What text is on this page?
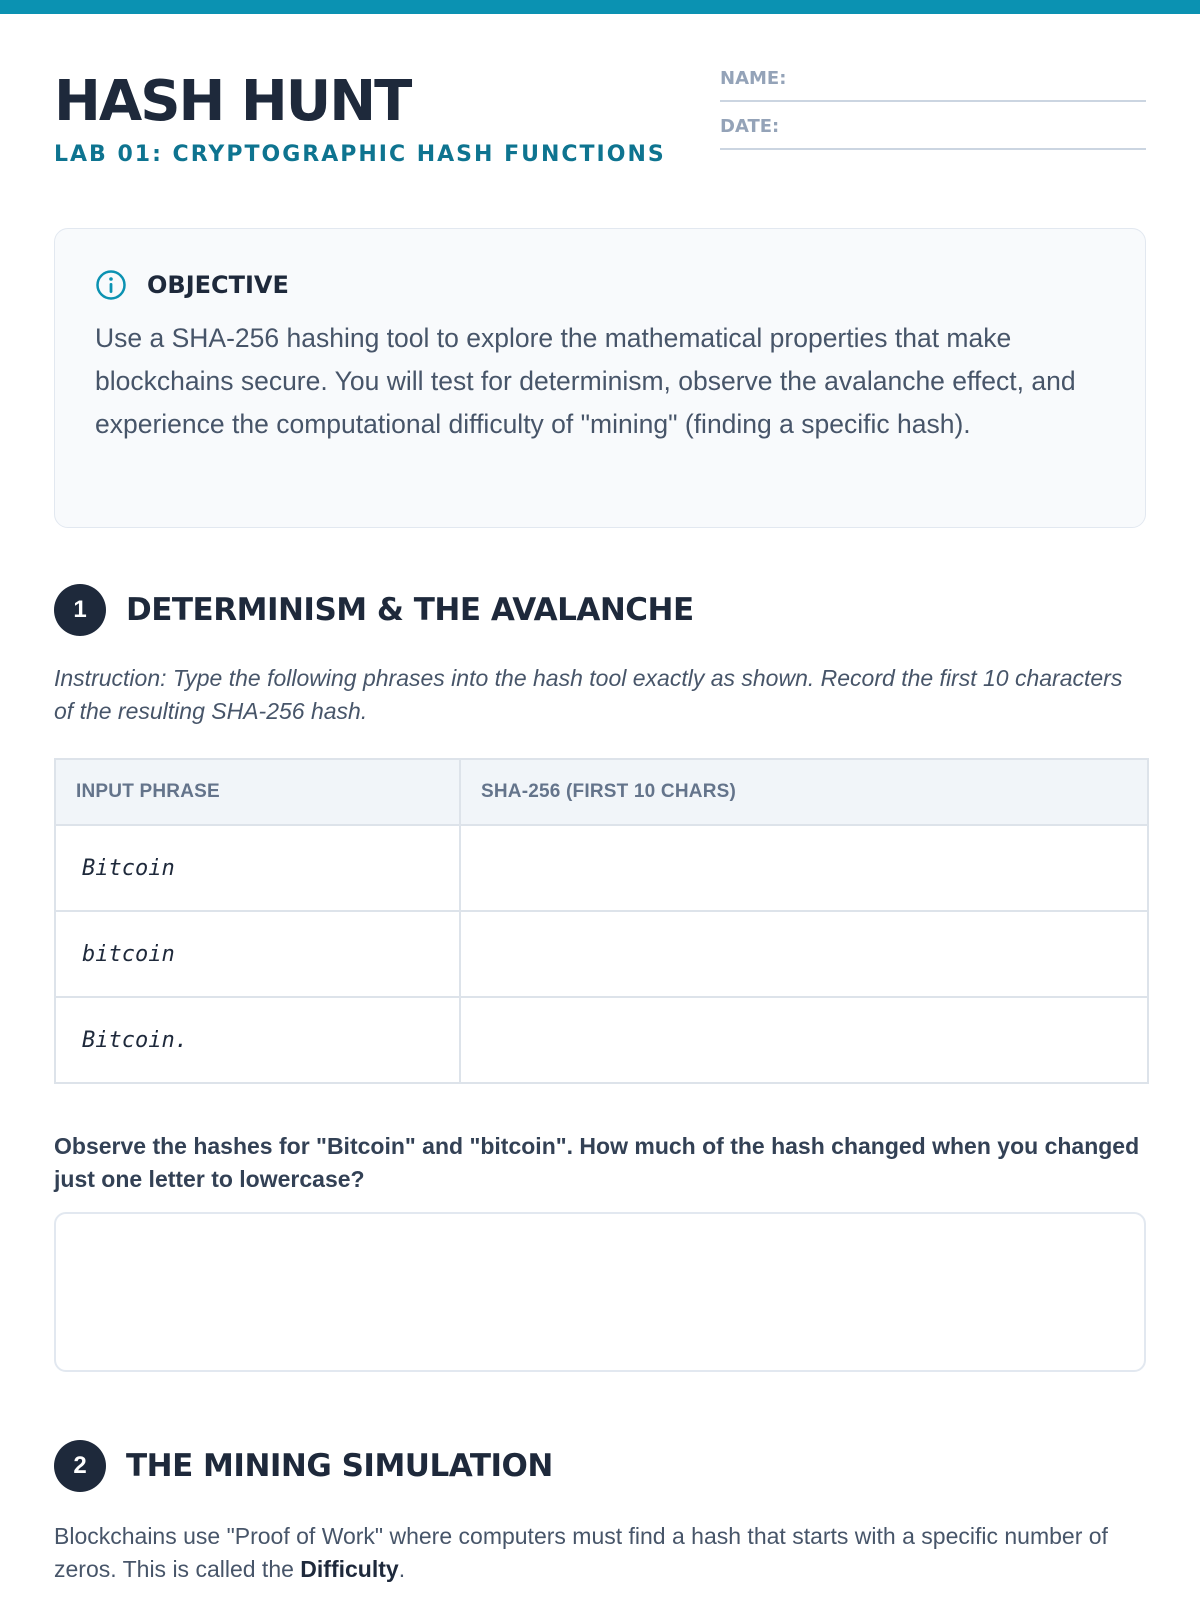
HASH HUNT
LAB 01: CRYPTOGRAPHIC HASH FUNCTIONS
NAME:
DATE:
OBJECTIVE

Use a SHA-256 hashing tool to explore the mathematical properties that make blockchains secure. You will test for determinism, observe the avalanche effect, and experience the computational difficulty of "mining" (finding a specific hash).

1	DETERMINISM & THE AVALANCHE

Instruction: Type the following phrases into the hash tool exactly as shown. Record the first 10 characters of the resulting SHA-256 hash.

INPUT PHRASE	SHA-256 (FIRST 10 CHARS)
Bitcoin	
bitcoin	
Bitcoin.	

Observe the hashes for "Bitcoin" and "bitcoin". How much of the hash changed when you changed just one letter to lowercase?

2	THE MINING SIMULATION

Blockchains use "Proof of Work" where computers must find a hash that starts with a specific number of zeros. This is called the Difficulty.
